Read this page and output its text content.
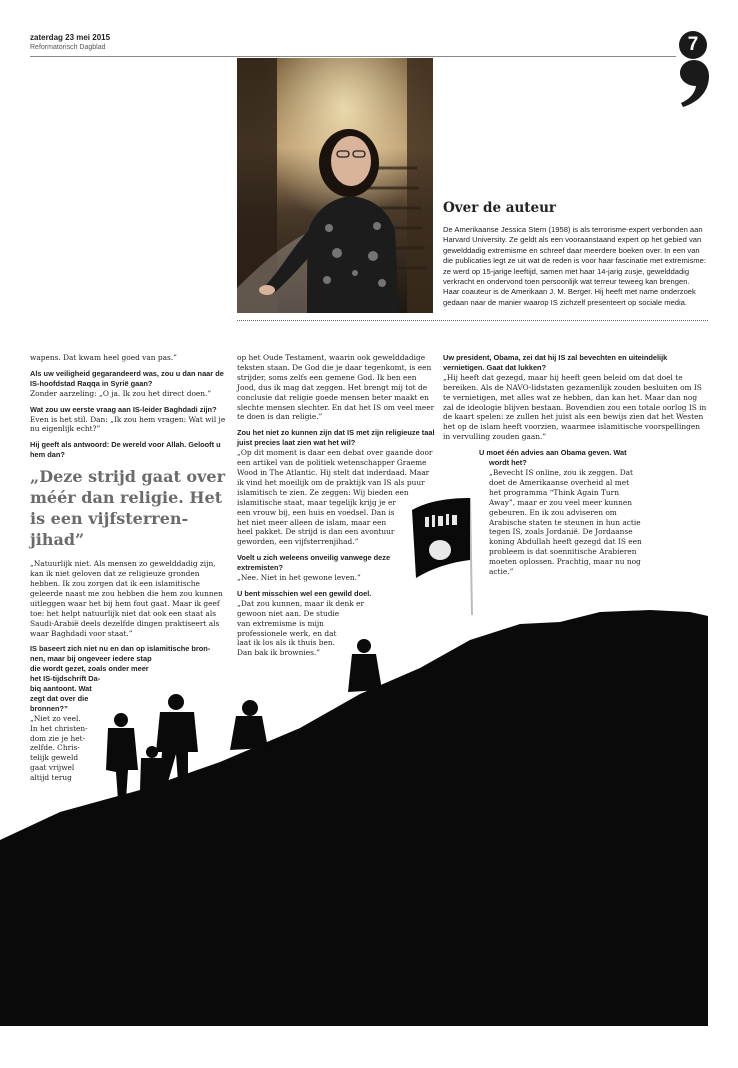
zaterdag 23 mei 2015
Reformatorisch Dagblad	7
Over de auteur
De Amerikaanse Jessica Stern (1958) is als terrorisme-expert verbonden aan Harvard University. Ze geldt als een vooraanstaand expert op het gebied van gewelddadig extremisme en schreef daar meerdere boeken over. In een van die publicaties legt ze uit wat de reden is voor haar fascinatie met extremisme: ze werd op 15-jarige leeftijd, samen met haar 14-jarig zusje, gewelddadig verkracht en ondervond toen persoonlijk wat terreur teweeg kan brengen. Haar coauteur is de Amerikaan J. M. Berger. Hij heeft met name onderzoek gedaan naar de manier waarop IS zichzelf presenteert op sociale media.

wapens. Dat kwam heel goed van pas.”

Als uw veiligheid gegarandeerd was, zou u dan naar de IS-hoofdstad Raqqa in Syrië gaan?

Zonder aarzeling: „O ja. Ik zou het direct doen.”

Wat zou uw eerste vraag aan IS-leider Baghdadi zijn?

Even is het stil. Dan: „Ik zou hem vragen: Wat wil je nu eigenlijk echt?”

Hij geeft als antwoord: De wereld voor Allah. Gelooft u hem dan?

„Deze strijd gaat over méér dan religie. Het is een vijfsterren-jihad”

„Natuurlijk niet. Als mensen zo gewelddadig zijn, kan ik niet geloven dat ze religieuze gronden hebben. Ik zou zorgen dat ik een islamitische geleerde naast me zou hebben die hem zou kunnen uitleggen waar het bij hem fout gaat. Maar ik geef toe: het helpt natuurlijk niet dat ook een staat als Saudi-Arabië deels dezelfde dingen praktiseert als waar Baghdadi voor staat.”

IS baseert zich niet nu en dan op islamitische bron-
nen, maar bij ongeveer iedere stap
die wordt gezet, zoals onder meer
het IS-tijdschrift Da-
biq aantoont. Wat
zegt dat over die
bronnen?”
„Niet zo veel.
In het christen-
dom zie je het-
zelfde. Chris-
telijk geweld
gaat vrijwel
altijd terug

op het Oude Testament, waarin ook gewelddadige teksten staan. De God die je daar tegenkomt, is een strijder, soms zelfs een gemene God. Ik ben een Jood, dus ik mag dat zeggen. Het brengt mij tot de conclusie dat religie goede mensen beter maakt en slechte mensen slechter. En dat het IS om veel meer te doen is dan religie.”

Zou het niet zo kunnen zijn dat IS met zijn religieuze taal juist precies laat zien wat het wil?

„Op dit moment is daar een debat over gaande door
een artikel van de politiek wetenschapper Graeme
Wood in The Atlantic. Hij stelt dat inderdaad. Maar
ik vind het moeilijk om de praktijk van IS als puur
islamitisch te zien. Ze zeggen: Wij bieden een
islamitische staat, maar tegelijk krijg je er
een vrouw bij, een huis en voedsel. Dan is
het niet meer alleen de islam, maar een
heel pakket. De strijd is dan een avontuur
geworden, een vijfsterrenjihad.”

Voelt u zich weleens onveilig vanwege deze extremisten?

„Nee. Niet in het gewone leven.”

U bent misschien wel een gewild doel.

„Dat zou kunnen, maar ik denk er
gewoon niet aan. De studie
van extremisme is mijn
professionele werk, en dat
laat ik los als ik thuis ben.
Dan bak ik brownies.”

Uw president, Obama, zei dat hij IS zal bevechten en uiteindelijk vernietigen. Gaat dat lukken?

„Hij heeft dat gezegd, maar hij heeft geen beleid om dat doel te bereiken. Als de NAVO-lidstaten gezamenlijk zouden besluiten om IS te vernietigen, met alles wat ze hebben, dan kan het. Maar dan nog zal de ideologie blijven bestaan. Bovendien zou een totale oorlog IS in de kaart spelen: ze zullen het juist als een bewijs zien dat het Westen het op de islam heeft voorzien, waarmee islamitische voorspellingen in vervulling zouden gaan.”

U moet één advies aan Obama geven. Wat
wordt het?
„Bevecht IS online, zou ik zeggen. Dat
doet de Amerikaanse overheid al met
het programma “Think Again Turn
Away”, maar er zou veel meer kunnen
gebeuren. En ik zou adviseren om
Arabische staten te steunen in hun actie
tegen IS, zoals Jordanië. De Jordaanse
koning Abdullah heeft gezegd dat IS een
probleem is dat soennitische Arabieren
moeten oplossen. Prachtig, maar nu nog
actie.”
